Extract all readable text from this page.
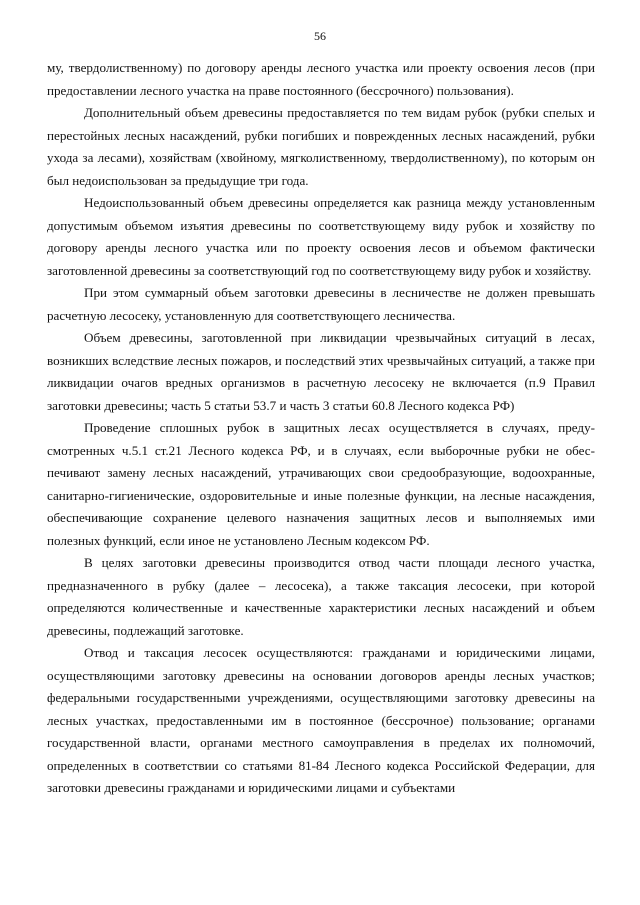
56

му, твердолиственному) по договору аренды лесного участка или проекту освоения лесов (при предоставлении лесного участка на праве постоянного (бессрочного) пользования).

Дополнительный объем древесины предоставляется по тем видам рубок (рубки спелых и перестойных лесных насаждений, рубки погибших и поврежденных лесных насаждений, рубки ухода за лесами), хозяйствам (хвойному, мягколиственному, твердолиственному), по которым он был недоиспользован за предыдущие три года.

Недоиспользованный объем древесины определяется как разница между установленным допустимым объемом изъятия древесины по соответствующему виду рубок и хозяйству по договору аренды лесного участка или по проекту освоения лесов и объемом фактически заготовленной древесины за соответствующий год по соответствующему виду рубок и хозяйству.

При этом суммарный объем заготовки древесины в лесничестве не должен превышать расчетную лесосеку, установленную для соответствующего лесничества.

Объем древесины, заготовленной при ликвидации чрезвычайных ситуаций в лесах, возникших вследствие лесных пожаров, и последствий этих чрезвычайных ситуаций, а также при ликвидации очагов вредных организмов в расчетную лесосеку не включается (п.9 Правил заготовки древесины; часть 5 статьи 53.7 и часть 3 статьи 60.8 Лесного кодекса РФ)

Проведение сплошных рубок в защитных лесах осуществляется в случаях, предусмотренных ч.5.1 ст.21 Лесного кодекса РФ, и в случаях, если выборочные рубки не обеспечивают замену лесных насаждений, утрачивающих свои средообразующие, водоохранные, санитарно-гигиенические, оздоровительные и иные полезные функции, на лесные насаждения, обеспечивающие сохранение целевого назначения защитных лесов и выполняемых ими полезных функций, если иное не установлено Лесным кодексом РФ.

В целях заготовки древесины производится отвод части площади лесного участка, предназначенного в рубку (далее – лесосека), а также таксация лесосеки, при которой определяются количественные и качественные характеристики лесных насаждений и объем древесины, подлежащий заготовке.

Отвод и таксация лесосек осуществляются: гражданами и юридическими лицами, осуществляющими заготовку древесины на основании договоров аренды лесных участков; федеральными государственными учреждениями, осуществляющими заготовку древесины на лесных участках, предоставленными им в постоянное (бессрочное) пользование; органами государственной власти, органами местного самоуправления в пределах их полномочий, определенных в соответствии со статьями 81-84 Лесного кодекса Российской Федерации, для заготовки древесины гражданами и юридическими лицами и субъектами
